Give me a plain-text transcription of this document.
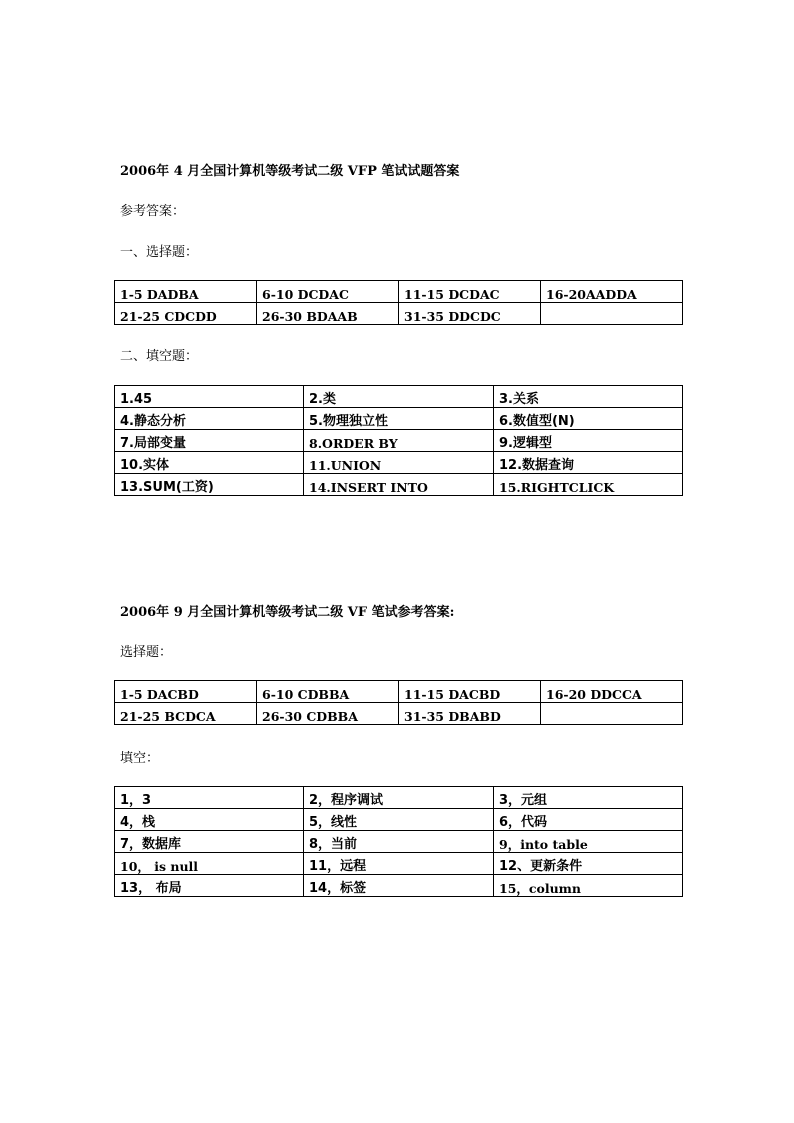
2006年 4 月全国计算机等级考试二级 VFP 笔试试题答案
参考答案：
一、选择题：
1-5 DADBA	6-10 DCDAC	11-15 DCDAC	16-20AADDA
21-25 CDCDD	26-30 BDAAB	31-35 DDCDC	
二、填空题：
1.45	2.类	3.关系
4.静态分析	5.物理独立性	6.数值型(N)
7.局部变量	8.ORDER BY	9.逻辑型
10.实体	11.UNION	12.数据查询
13.SUM(工资)	14.INSERT INTO	15.RIGHTCLICK
2006年 9 月全国计算机等级考试二级 VF 笔试参考答案:
选择题：
1-5 DACBD	6-10 CDBBA	11-15 DACBD	16-20 DDCCA
21-25 BCDCA	26-30 CDBBA	31-35 DBABD	
填空：
1，3	2，程序调试	3，元组
4，栈	5，线性	6，代码
7，数据库	8，当前	9，into table
10， is null	11，远程	12、更新条件
13， 布局	14，标签	15，column
